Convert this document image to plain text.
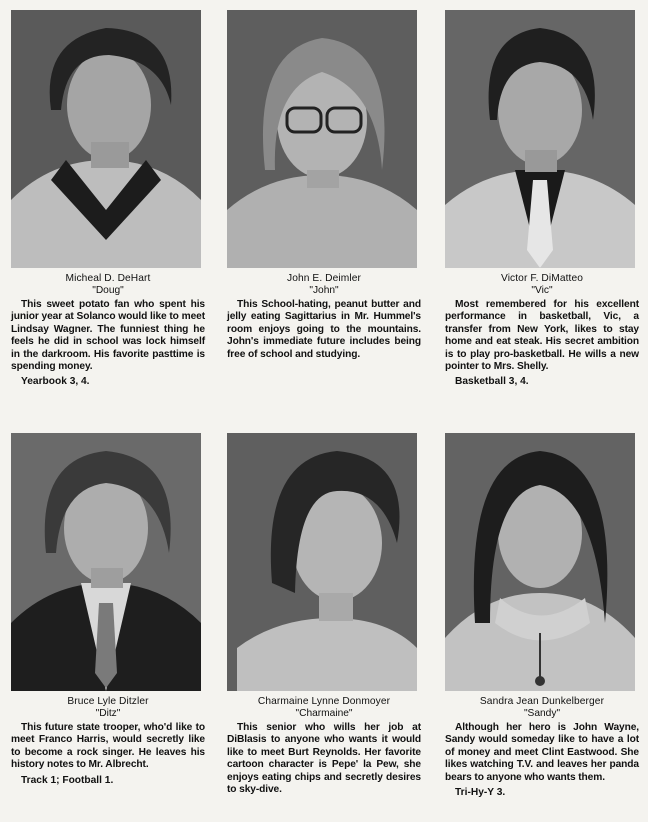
Micheal D. DeHart
"Doug"

This sweet potato fan who spent his junior year at Solanco would like to meet Lindsay Wagner. The funniest thing he feels he did in school was lock himself in the darkroom. His favorite pasttime is spending money.

Yearbook 3, 4.
John E. Deimler
"John"

This School-hating, peanut butter and jelly eating Sagittarius in Mr. Hummel's room enjoys going to the mountains. John's immediate future includes being free of school and studying.

Victor F. DiMatteo
"Vic"

Most remembered for his excellent performance in basketball, Vic, a transfer from New York, likes to stay home and eat steak. His secret ambition is to play pro-basketball. He wills a new pointer to Mrs. Shelly.

Basketball 3, 4.
Bruce Lyle Ditzler
"Ditz"

This future state trooper, who'd like to meet Franco Harris, would secretly like to become a rock singer. He leaves his history notes to Mr. Albrecht.

Track 1; Football 1.
Charmaine Lynne Donmoyer
"Charmaine"

This senior who wills her job at DiBlasis to anyone who wants it would like to meet Burt Reynolds. Her favorite cartoon character is Pepe' la Pew, she enjoys eating chips and secretly desires to sky-dive.

Sandra Jean Dunkelberger
"Sandy"

Although her hero is John Wayne, Sandy would someday like to have a lot of money and meet Clint Eastwood. She likes watching T.V. and leaves her panda bears to anyone who wants them.

Tri-Hy-Y 3.
